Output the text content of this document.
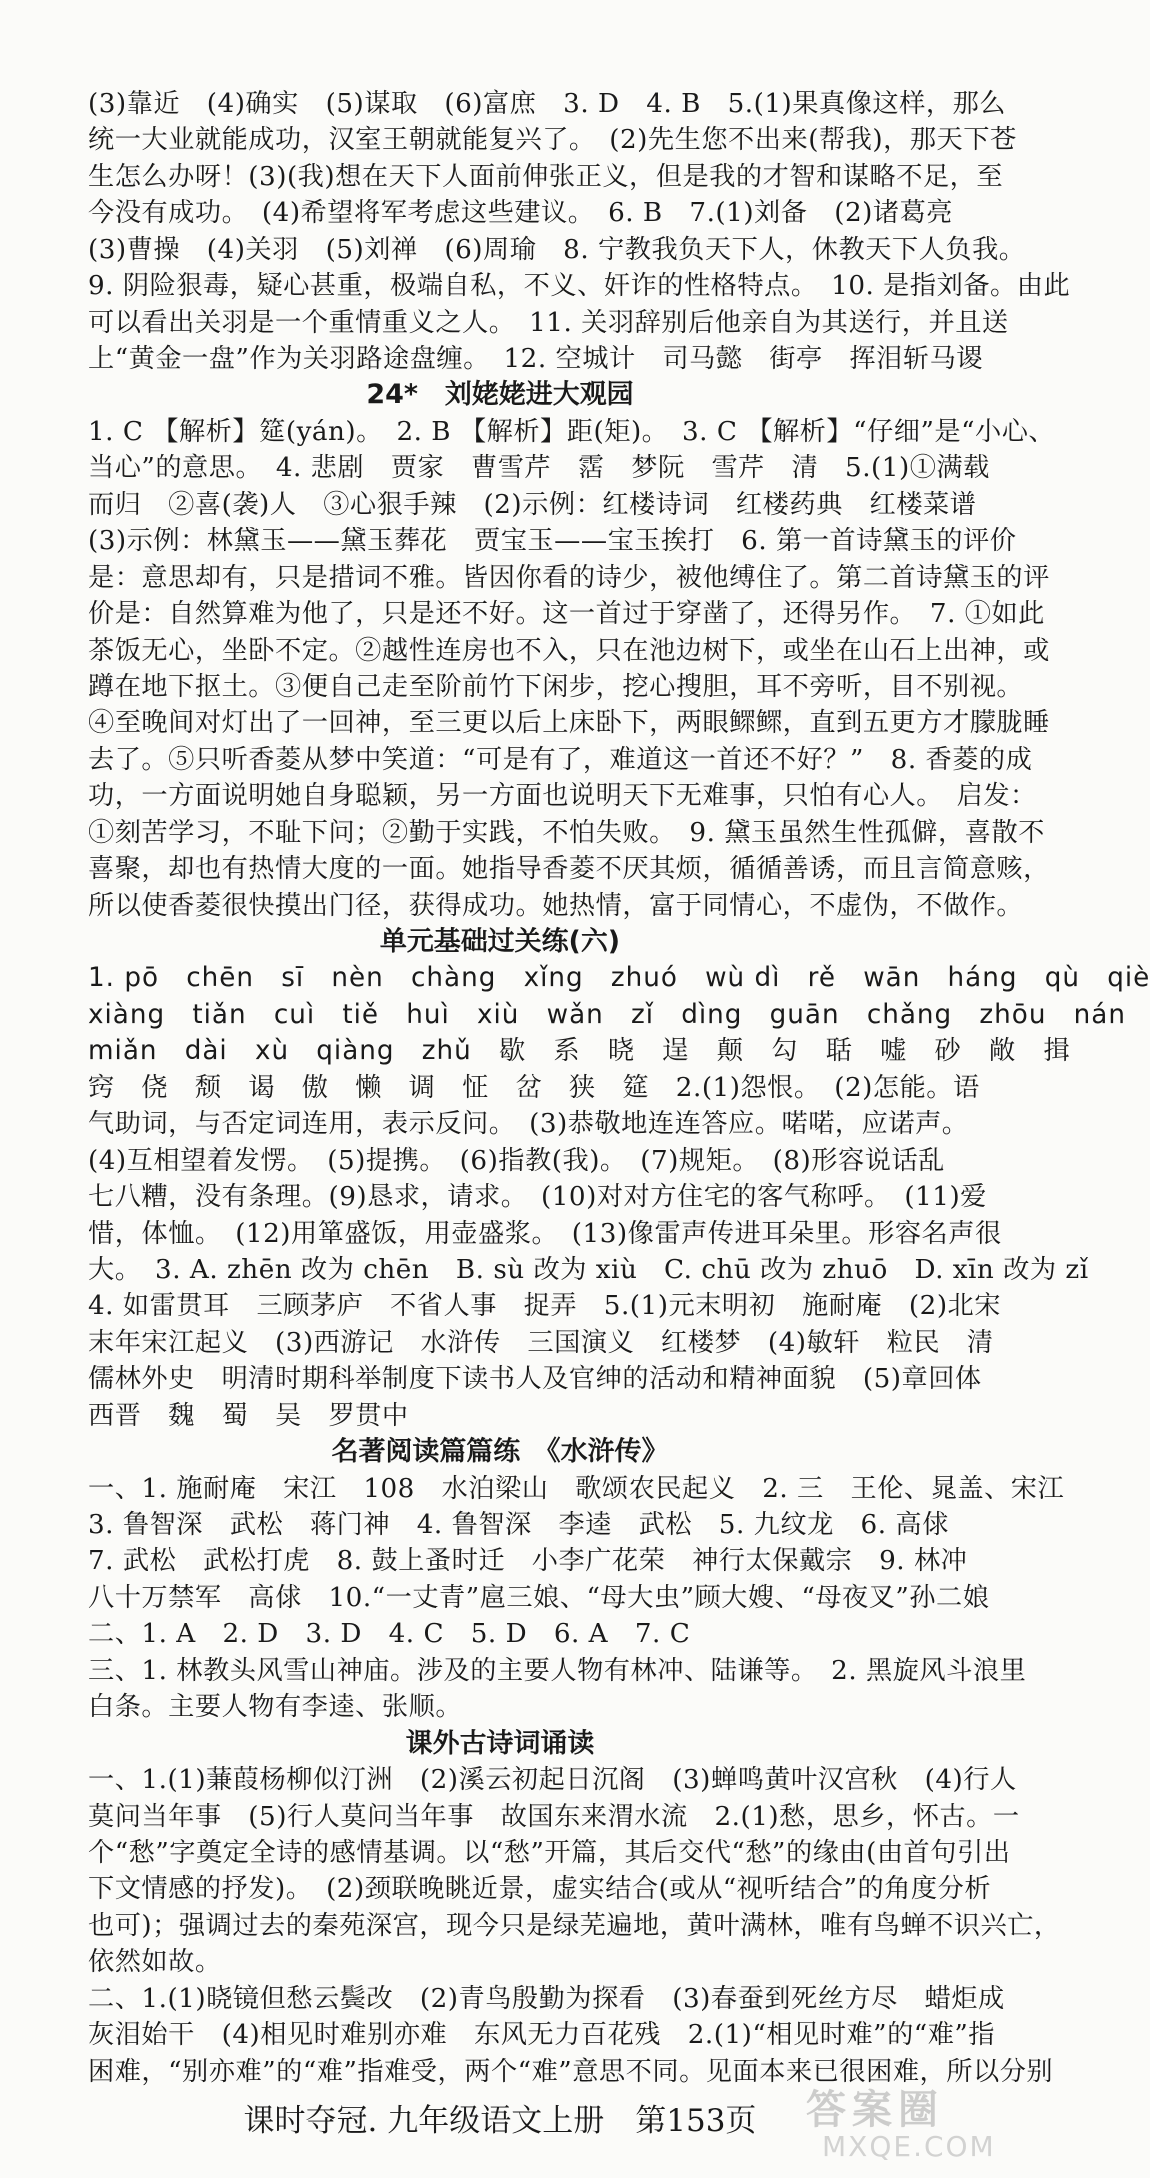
(3)靠近　(4)确实　(5)谋取　(6)富庶　3. D　4. B　5.(1)果真像这样，那么
统一大业就能成功，汉室王朝就能复兴了。　(2)先生您不出来(帮我)，那天下苍
生怎么办呀！(3)(我)想在天下人面前伸张正义，但是我的才智和谋略不足，至
今没有成功。　(4)希望将军考虑这些建议。　6. B　7.(1)刘备　(2)诸葛亮
(3)曹操　(4)关羽　(5)刘禅　(6)周瑜　8. 宁教我负天下人，休教天下人负我。
9. 阴险狠毒，疑心甚重，极端自私，不义、奸诈的性格特点。　10. 是指刘备。由此
可以看出关羽是一个重情重义之人。　11. 关羽辞别后他亲自为其送行，并且送
上“黄金一盘”作为关羽路途盘缠。　12. 空城计　司马懿　街亭　挥泪斩马谡
24*　刘姥姥进大观园
1. C 【解析】筵(yán)。　2. B 【解析】距(矩)。　3. C 【解析】“仔细”是“小心、
当心”的意思。　4. 悲剧　贾家　曹雪芹　霑　梦阮　雪芹　清　5.(1)①满载
而归　②喜(袭)人　③心狠手辣　(2)示例：红楼诗词　红楼药典　红楼菜谱
(3)示例：林黛玉——黛玉葬花　贾宝玉——宝玉挨打　6. 第一首诗黛玉的评价
是：意思却有，只是措词不雅。皆因你看的诗少，被他缚住了。第二首诗黛玉的评
价是：自然算难为他了，只是还不好。这一首过于穿凿了，还得另作。　7. ①如此
茶饭无心，坐卧不定。②越性连房也不入，只在池边树下，或坐在山石上出神，或
蹲在地下抠土。③便自己走至阶前竹下闲步，挖心搜胆，耳不旁听，目不别视。
④至晚间对灯出了一回神，至三更以后上床卧下，两眼鳏鳏，直到五更方才朦胧睡
去了。⑤只听香菱从梦中笑道：“可是有了，难道这一首还不好？”　8. 香菱的成
功，一方面说明她自身聪颖，另一方面也说明天下无难事，只怕有心人。　启发：
①刻苦学习，不耻下问；②勤于实践，不怕失败。　9. 黛玉虽然生性孤僻，喜散不
喜聚，却也有热情大度的一面。她指导香菱不厌其烦，循循善诱，而且言简意赅，
所以使香菱很快摸出门径，获得成功。她热情，富于同情心，不虚伪，不做作。
单元基础过关练(六)
1. pō　chēn　sī　nèn　chàng　xǐng　zhuó　wù dì　rě　wān　háng　qù　qiè
xiàng　tiǎn　cuì　tiě　huì　xiù　wǎn　zǐ　dìng　guān　chǎng　zhōu　nán
miǎn　dài　xù　qiàng　zhǔ　歇　系　晓　逞　颠　勾　聒　嘘　砂　敞　揖
窍　侥　颓　谒　傲　懒　调　怔　岔　狭　筵　2.(1)怨恨。　(2)怎能。语
气助词，与否定词连用，表示反问。　(3)恭敬地连连答应。喏喏，应诺声。
(4)互相望着发愣。　(5)提携。　(6)指教(我)。　(7)规矩。　(8)形容说话乱
七八糟，没有条理。(9)恳求，请求。　(10)对对方住宅的客气称呼。　(11)爱
惜，体恤。　(12)用箪盛饭，用壶盛浆。　(13)像雷声传进耳朵里。形容名声很
大。　3. A. zhēn 改为 chēn　B. sù 改为 xiù　C. chū 改为 zhuō　D. xīn 改为 zǐ
4. 如雷贯耳　三顾茅庐　不省人事　捉弄　5.(1)元末明初　施耐庵　(2)北宋
末年宋江起义　(3)西游记　水浒传　三国演义　红楼梦　(4)敏轩　粒民　清
儒林外史　明清时期科举制度下读书人及官绅的活动和精神面貌　(5)章回体
西晋　魏　蜀　吴　罗贯中
名著阅读篇篇练　《水浒传》
一、1. 施耐庵　宋江　108　水泊梁山　歌颂农民起义　2. 三　王伦、晁盖、宋江
3. 鲁智深　武松　蒋门神　4. 鲁智深　李逵　武松　5. 九纹龙　6. 高俅
7. 武松　武松打虎　8. 鼓上蚤时迁　小李广花荣　神行太保戴宗　9. 林冲
八十万禁军　高俅　10.“一丈青”扈三娘、“母大虫”顾大嫂、“母夜叉”孙二娘
二、1. A　2. D　3. D　4. C　5. D　6. A　7. C
三、1. 林教头风雪山神庙。涉及的主要人物有林冲、陆谦等。　2. 黑旋风斗浪里
白条。主要人物有李逵、张顺。
课外古诗词诵读
一、1.(1)蒹葭杨柳似汀洲　(2)溪云初起日沉阁　(3)蝉鸣黄叶汉宫秋　(4)行人
莫问当年事　(5)行人莫问当年事　故国东来渭水流　2.(1)愁，思乡，怀古。一
个“愁”字奠定全诗的感情基调。以“愁”开篇，其后交代“愁”的缘由(由首句引出
下文情感的抒发)。　(2)颈联晚眺近景，虚实结合(或从“视听结合”的角度分析
也可)；强调过去的秦苑深宫，现今只是绿芜遍地，黄叶满林，唯有鸟蝉不识兴亡，
依然如故。
二、1.(1)晓镜但愁云鬓改　(2)青鸟殷勤为探看　(3)春蚕到死丝方尽　蜡炬成
灰泪始干　(4)相见时难别亦难　东风无力百花残　2.(1)“相见时难”的“难”指
困难，“别亦难”的“难”指难受，两个“难”意思不同。见面本来已很困难，所以分别
课时夺冠. 九年级语文上册　第153页	答案圈
MXQE.COM
